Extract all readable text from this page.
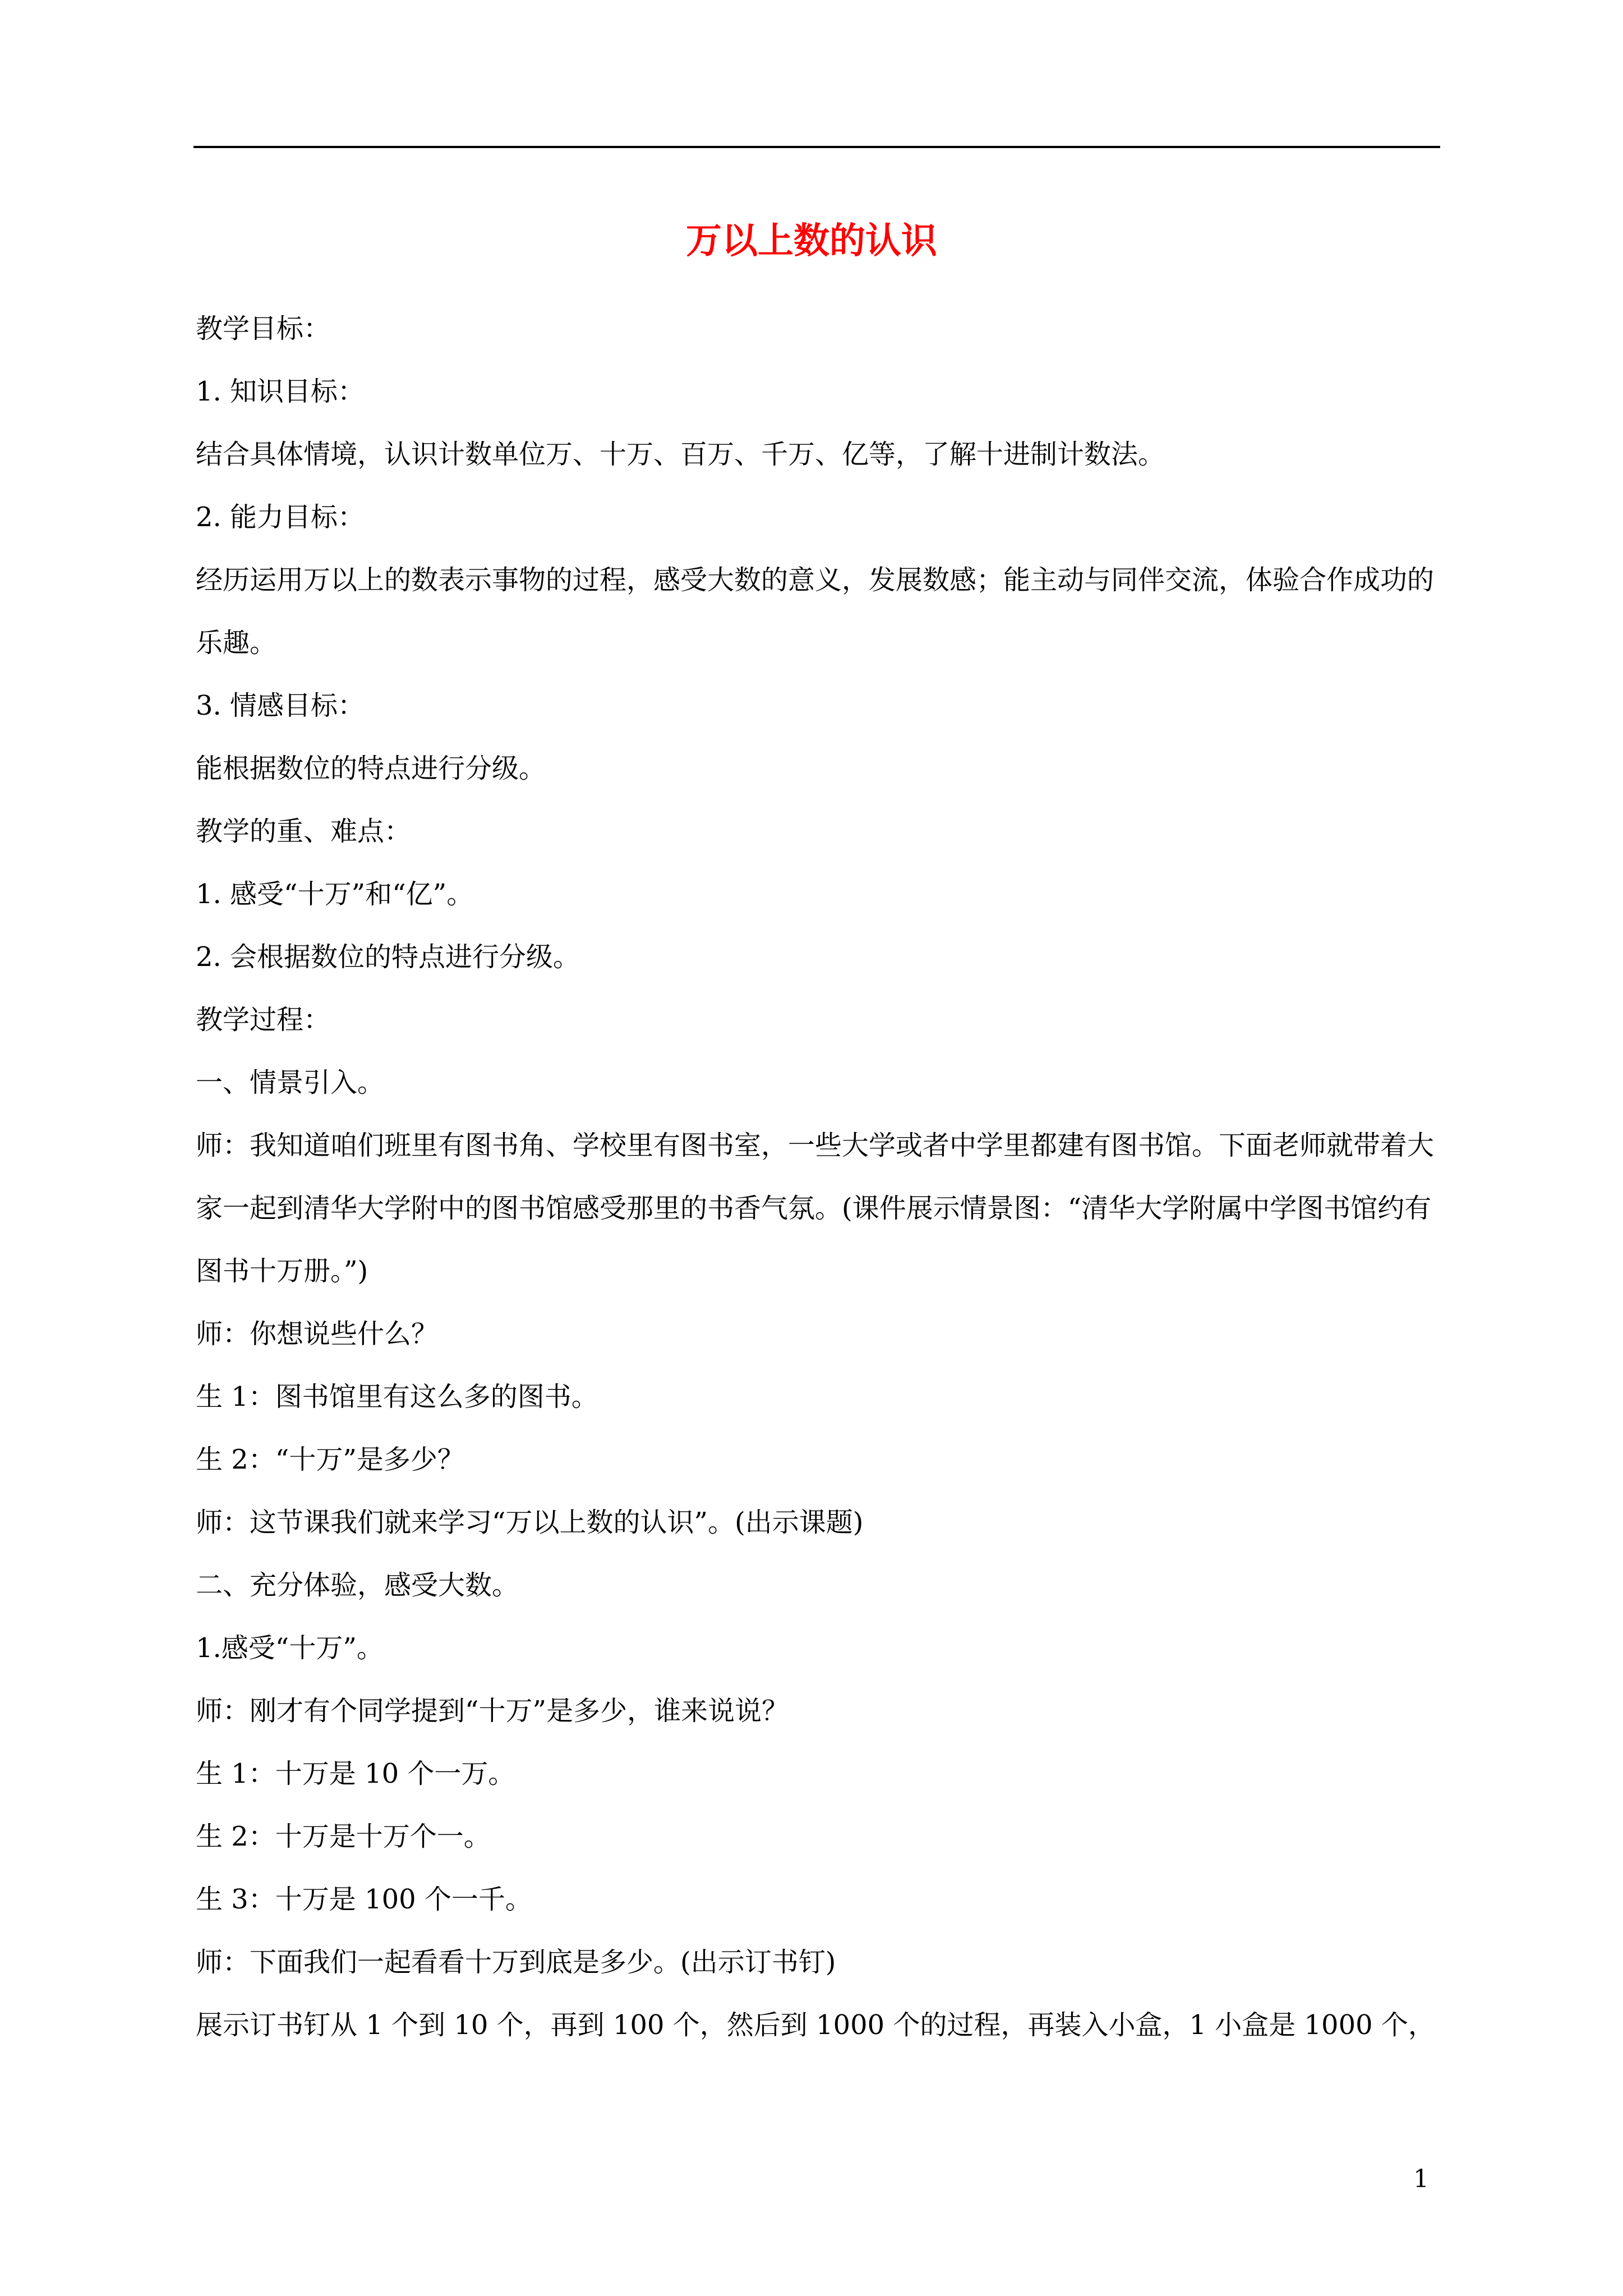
万以上数的认识

教学目标：

1. 知识目标：

结合具体情境，认识计数单位万、十万、百万、千万、亿等，了解十进制计数法。

2. 能力目标：

经历运用万以上的数表示事物的过程，感受大数的意义，发展数感；能主动与同伴交流，体验合作成功的乐趣。

3. 情感目标：

能根据数位的特点进行分级。

教学的重、难点：

1. 感受“十万”和“亿”。

2. 会根据数位的特点进行分级。

教学过程：

一、情景引入。

师：我知道咱们班里有图书角、学校里有图书室，一些大学或者中学里都建有图书馆。下面老师就带着大家一起到清华大学附中的图书馆感受那里的书香气氛。(课件展示情景图：“清华大学附属中学图书馆约有图书十万册。”)

师：你想说些什么？

生 1：图书馆里有这么多的图书。

生 2：“十万”是多少？

师：这节课我们就来学习“万以上数的认识”。(出示课题)

二、充分体验，感受大数。

1.感受“十万”。

师：刚才有个同学提到“十万”是多少，谁来说说？

生 1：十万是 10 个一万。

生 2：十万是十万个一。

生 3：十万是 100 个一千。

师：下面我们一起看看十万到底是多少。(出示订书钉)

展示订书钉从 1 个到 10 个，再到 100 个，然后到 1000 个的过程，再装入小盒，1 小盒是 1000 个，

1
